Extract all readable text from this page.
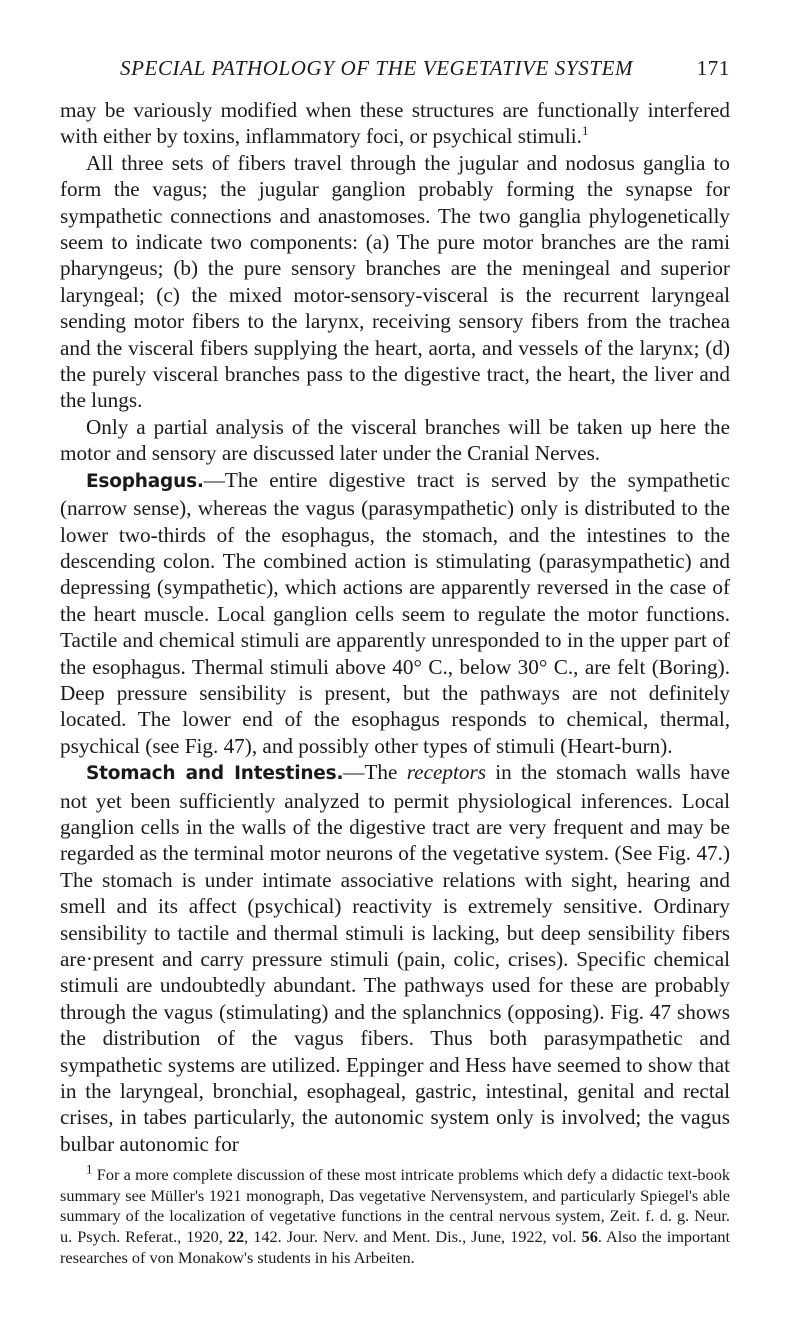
SPECIAL PATHOLOGY OF THE VEGETATIVE SYSTEM	171

may be variously modified when these structures are functionally interfered with either by toxins, inflammatory foci, or psychical stimuli.$^1$

All three sets of fibers travel through the jugular and nodosus ganglia to form the vagus; the jugular ganglion probably forming the synapse for sympathetic connections and anastomoses. The two ganglia phylogenetically seem to indicate two components: (a) The pure motor branches are the rami pharyngeus; (b) the pure sensory branches are the meningeal and superior laryngeal; (c) the mixed motor-sensory-visceral is the recurrent laryngeal sending motor fibers to the larynx, receiving sensory fibers from the trachea and the visceral fibers supplying the heart, aorta, and vessels of the larynx; (d) the purely visceral branches pass to the digestive tract, the heart, the liver and the lungs.

Only a partial analysis of the visceral branches will be taken up here the motor and sensory are discussed later under the Cranial Nerves.

Esophagus.—The entire digestive tract is served by the sympathetic (narrow sense), whereas the vagus (parasympathetic) only is distributed to the lower two-thirds of the esophagus, the stomach, and the intestines to the descending colon. The combined action is stimulating (parasympathetic) and depressing (sympathetic), which actions are apparently reversed in the case of the heart muscle. Local ganglion cells seem to regulate the motor functions. Tactile and chemical stimuli are apparently unresponded to in the upper part of the esophagus. Thermal stimuli above 40° C., below 30° C., are felt (Boring). Deep pressure sensibility is present, but the pathways are not definitely located. The lower end of the esophagus responds to chemical, thermal, psychical (see Fig. 47), and possibly other types of stimuli (Heart-burn).

Stomach and Intestines.—The receptors in the stomach walls have not yet been sufficiently analyzed to permit physiological inferences. Local ganglion cells in the walls of the digestive tract are very frequent and may be regarded as the terminal motor neurons of the vegetative system. (See Fig. 47.) The stomach is under intimate associative relations with sight, hearing and smell and its affect (psychical) reactivity is extremely sensitive. Ordinary sensibility to tactile and thermal stimuli is lacking, but deep sensibility fibers are·present and carry pressure stimuli (pain, colic, crises). Specific chemical stimuli are undoubtedly abundant. The pathways used for these are probably through the vagus (stimulating) and the splanchnics (opposing). Fig. 47 shows the distribution of the vagus fibers. Thus both parasympathetic and sympathetic systems are utilized. Eppinger and Hess have seemed to show that in the laryngeal, bronchial, esophageal, gastric, intestinal, genital and rectal crises, in tabes particularly, the autonomic system only is involved; the vagus bulbar autonomic for

$^1$ For a more complete discussion of these most intricate problems which defy a didactic text-book summary see Müller's 1921 monograph, Das vegetative Nervensystem, and particularly Spiegel's able summary of the localization of vegetative functions in the central nervous system, Zeit. f. d. g. Neur. u. Psych. Referat., 1920, 22, 142. Jour. Nerv. and Ment. Dis., June, 1922, vol. 56. Also the important researches of von Monakow's students in his Arbeiten.
